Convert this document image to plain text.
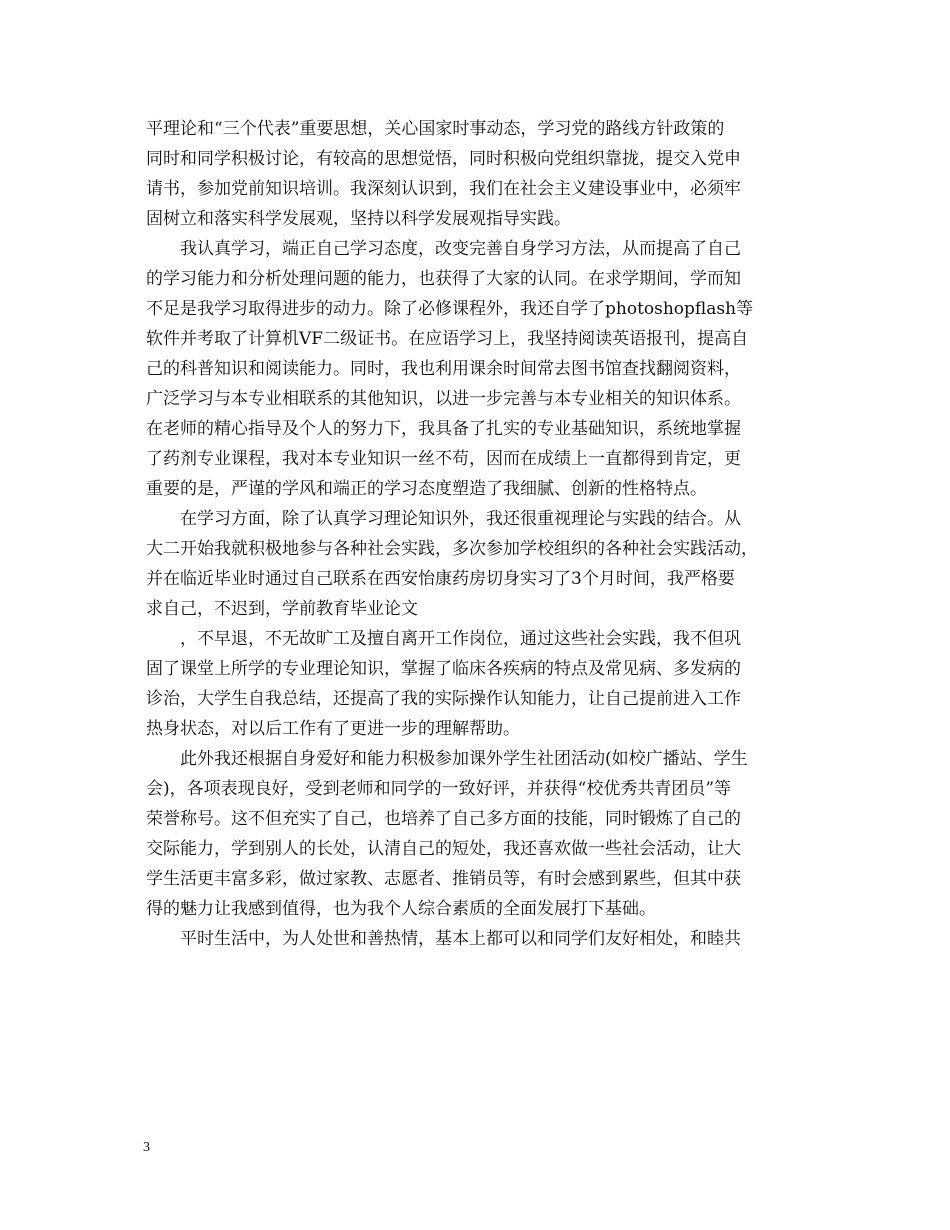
平理论和“三个代表”重要思想，关心国家时事动态，学习党的路线方针政策的
同时和同学积极讨论，有较高的思想觉悟，同时积极向党组织靠拢，提交入党申
请书，参加党前知识培训。我深刻认识到，我们在社会主义建设事业中，必须牢
固树立和落实科学发展观，坚持以科学发展观指导实践。
　　我认真学习，端正自己学习态度，改变完善自身学习方法，从而提高了自己
的学习能力和分析处理问题的能力，也获得了大家的认同。在求学期间，学而知
不足是我学习取得进步的动力。除了必修课程外，我还自学了photoshopflash等
软件并考取了计算机VF二级证书。在应语学习上，我坚持阅读英语报刊，提高自
己的科普知识和阅读能力。同时，我也利用课余时间常去图书馆查找翻阅资料，
广泛学习与本专业相联系的其他知识，以进一步完善与本专业相关的知识体系。
在老师的精心指导及个人的努力下，我具备了扎实的专业基础知识，系统地掌握
了药剂专业课程，我对本专业知识一丝不苟，因而在成绩上一直都得到肯定，更
重要的是，严谨的学风和端正的学习态度塑造了我细腻、创新的性格特点。
　　在学习方面，除了认真学习理论知识外，我还很重视理论与实践的结合。从
大二开始我就积极地参与各种社会实践，多次参加学校组织的各种社会实践活动，
并在临近毕业时通过自己联系在西安怡康药房切身实习了3个月时间，我严格要
求自己，不迟到，学前教育毕业论文
　　，不早退，不无故旷工及擅自离开工作岗位，通过这些社会实践，我不但巩
固了课堂上所学的专业理论知识，掌握了临床各疾病的特点及常见病、多发病的
诊治，大学生自我总结，还提高了我的实际操作认知能力，让自己提前进入工作
热身状态，对以后工作有了更进一步的理解帮助。
　　此外我还根据自身爱好和能力积极参加课外学生社团活动(如校广播站、学生
会)，各项表现良好，受到老师和同学的一致好评，并获得“校优秀共青团员”等
荣誉称号。这不但充实了自己，也培养了自己多方面的技能，同时锻炼了自己的
交际能力，学到别人的长处，认清自己的短处，我还喜欢做一些社会活动，让大
学生活更丰富多彩，做过家教、志愿者、推销员等，有时会感到累些，但其中获
得的魅力让我感到值得，也为我个人综合素质的全面发展打下基础。
　　平时生活中，为人处世和善热情，基本上都可以和同学们友好相处，和睦共
3
